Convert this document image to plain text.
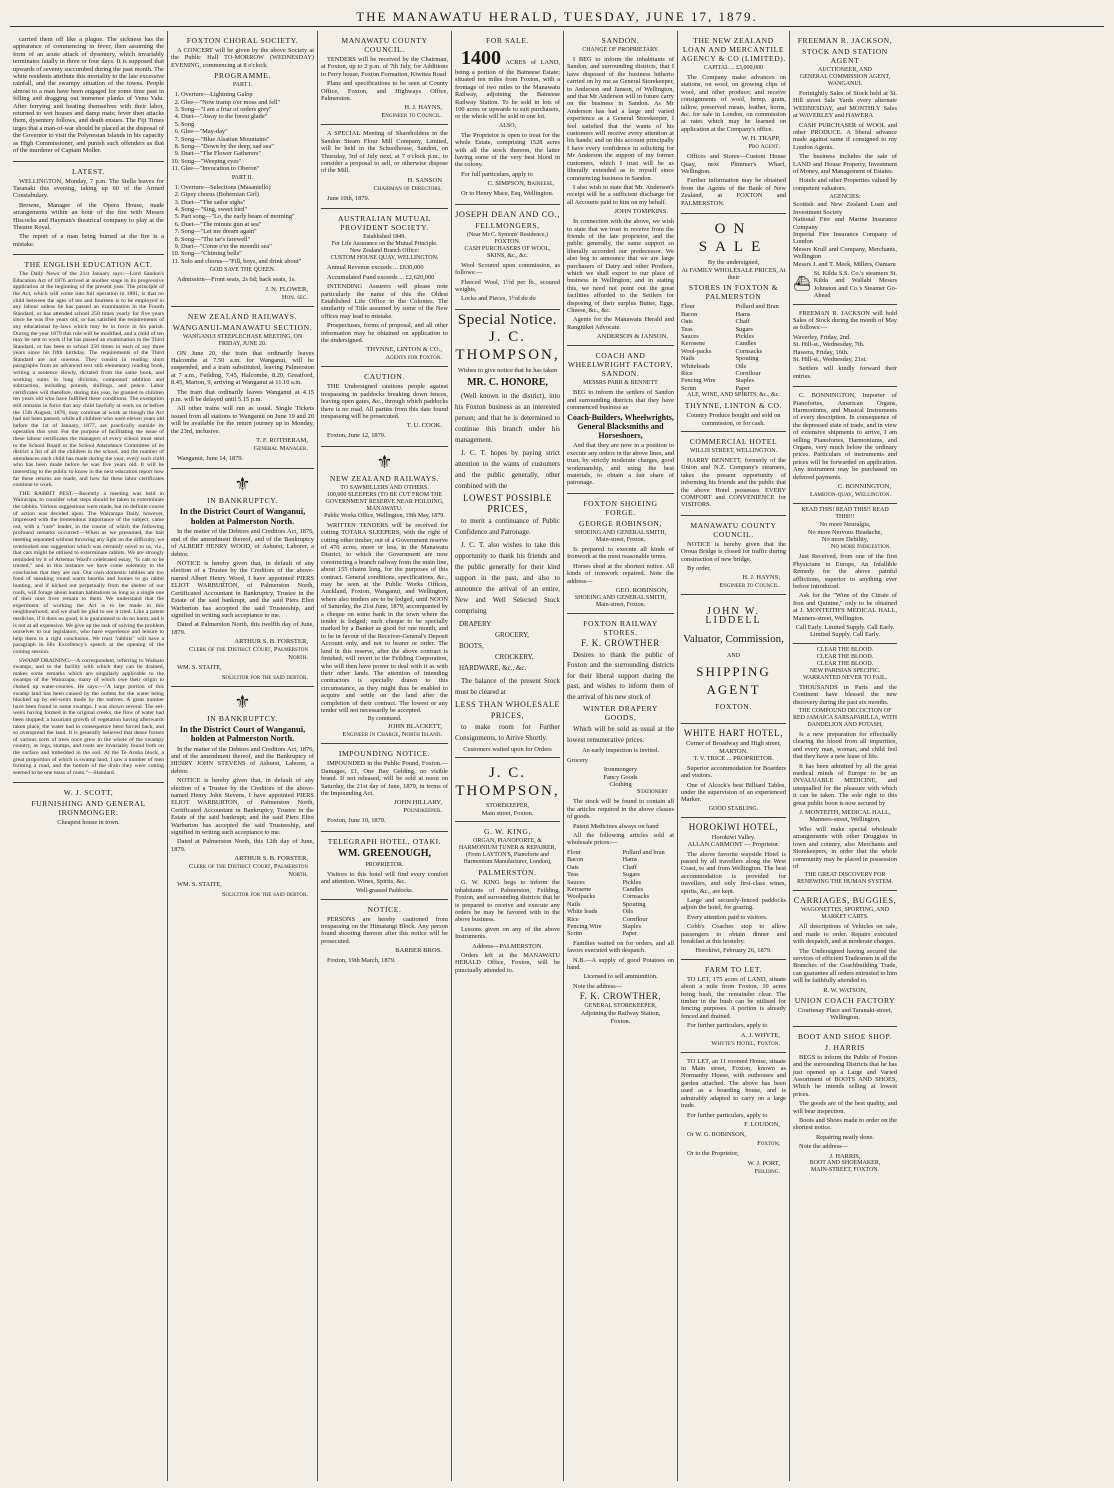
THE MANAWATU HERALD, TUESDAY, JUNE 17, 1879.
carried them off like a plague. The sickness has the appearance of commencing in fever, then assuming the form of an acute attack of dysentery, which invariably terminates fatally in three or four days. It is supposed that upwards of seventy succumbed during the past month. The white residents attribute this mortality to the late excessive rainfall, and the swampy situation of the towns. People almost to a man have been engaged for some time past in felling and dragging out immense planks of Venu Valu. After ferrying and heating themselves with their labor, returned to wet houses and damp mats; fever then attacks them, dysentery follows, and death ensues. The Fiji Times urges that a man-of-war should be placed at the disposal of the Governor to visit the Polynesian Islands in his capacity as High Commissioner, and punish such offenders as that of the murderer of Captain Moller.
LATEST.
WELLINGTON, Monday, 7 p.m. The Stella leaves for Taranaki this evening, taking up 60 of the Armed Constabulary.
Browne, Manager of the Opera House, made arrangements within an hour of the fire with Messrs Hiscocks and Hayman's theatrical company to play at the Theatre Royal.
The report of a man being burned at the fire is a mistake.
THE ENGLISH EDUCATION ACT.
The Daily News of the 21st January says:—Lord Sandon's Education Act of 1876 arrived at another stage in its progressive application at the beginning of the present year. The principle of the Act, which will come into full operation in 1881, is that no child between the ages of ten and fourteen is to be employed in any labour unless he has passed an examination in the Fourth Standard, or has attended school 250 times yearly for five years since he was five years old, or has satisfied the requirements of any educational by-laws which may be in force in his parish. During the year 1879 this rule will be modified, and a child of ten may be sent to work if he has passed an examination in the Third Standard, or has been to school 250 times in each of any three years since his fifth birthday. The requirements of the Third Standard are not onerous. They consist in reading short paragraphs from an advanced text still elementary reading book, writing a sentence slowly, dictated from the same book, and working sums in long division, compound addition and subtraction, including pounds, shillings, and pence. Labor certificates will therefore, during this year, be granted to children ten years old who have fulfilled these conditions. The exemption still remains in force that any child lawfully at work on or before the 15th August, 1876, may continue at work as though the Act had not been passed; while all children who were eleven years old before the 1st of January, 1877, are practically outside its operation this year. For the purpose of facilitating the issue of these labour certificates the managers of every school must send to the School Board or the School Attendance Committee of its district a list of all the children in the school, and the number of attendances each child has made during the year, every such child who has been made before he was five years old. It will be interesting to the public to know in the next education report how far these returns are made, and how far these labor certificates continue to work.
THE RABBIT PEST.—Recently a meeting was held in Wairarapa, to consider what steps should be taken to exterminate the rabbits. Various suggestions were made, but no definite course of action was decided upon. The Wairarapa Daily, however, impressed with the tremendous importance of the subject, came out, with a "rare" leader, in the course of which the following profound remarks occurred:—When as we presumed, the bait meeting separated without throwing any light on the difficulty, we overlooked one suggestion which was certainly novel to us, viz., that cats might be utilised to exterminate rabbits. We are strongly reminded by it of Artemus Ward's celebrated essay, "Is cats to be trusted," and in this instance we have come solemnly to the conclusion that they are not. Our own domestic tabbies are too fond of sneaking round warm hearths and homes to go rabbit hunting, and if kicked out perpetually from the shelter of our roofs, will forage about human habitations as long as a single one of their nine lives remain to them. We understand that the experiment of working the Act is to be made in this neighbourhood, and we shall be glad to see it tried. Like a patent medicine, if it does no good, it is guaranteed to do no harm, and it is not at all expensive. We give up the task of solving the problem ourselves to our legislators, who have experience and leisure to help them to a right conclusion. We trust "rabbits" will have a paragraph in His Excellency's speech at the opening of the coming session.
SWAMP DRAINING.—A correspondent, referring to Waikato swamps, and to the facility with which they can be drained, makes some remarks which are singularly applicable to the swamps of the Wairarapa, many of which owe their origin to choked up water-courses. He says:—"A large portion of this swamp land has been caused by the outlets for the water being blocked up by eel-weirs made by the natives. A great number have been found in some swamps. I was shown several. The eel-weirs having formed in the original creeks, the flow of water had been stopped; a luxuriant growth of vegetation having afterwards taken place, the water had in consequence been forced back, and so overspread the land. It is generally believed that dense forests of various sorts of trees once grew in the whole of the swampy country, as logs, stumps, and roots are invariably found both on the surface and imbedded in the soil. At the Te Aroha block, a great proportion of which is swamp land, I saw a number of men forming a road, and the bottom of the drain they were cutting seemed to be one mass of roots."—Standard.
W. J. SCOTT,
FURNISHING AND GENERAL IRONMONGER.
Cheapest house in town.
FOXTON CHORAL SOCIETY.
A CONCERT will be given by the above Society at the Public Hall TO-MORROW (WEDNESDAY) EVENING, commencing at 8 o'clock.
PROGRAMME.
PART I.
1. Overture—Lightning Galop
2. Glee—"Now tramp o'er moss and fell"
3. Song—"I am a friar of orders grey"
4. Duet—"Away to the forest glade"
5. Song
6. Glee—"May-day"
7. Song—"Blue Alsatian Mountains"
8. Song—"Down by the deep, sad sea"
9. Duet—"The Flower Gatherers"
10. Song—"Weeping eyes"
11. Glee—"Invocation to Oberon"
PART II.
1. Overture—Selections (Masaniello)
2. Gipsy chorus (Bohemian Girl)
3. Duet—"The sailor sighs"
4. Song—"Sing, sweet bird"
5. Part song—"Lo, the early beam of morning"
6. Duet—"The minute gun at sea"
7. Song—"Let me dream again"
8. Song—"The tar's farewell"
9. Duet—"Come o'er the moonlit sea"
10. Song—"Chiming bells"
11. Solo and chorus—"Fill, boys, and drink about"
GOD SAVE THE QUEEN.
Admission—Front seats, 2s 6d; back seats, 1s.
J. N. FLOWER,
Hon. sec.
NEW ZEALAND RAILWAYS.
WANGANUI-MANAWATU SECTION.
WANGANUI STEEPLECHASE MEETING, ON FRIDAY, JUNE 20.
ON June 20, the train that ordinarily leaves Halcombe at 7.50 a.m. for Wanganui, will be suspended, and a train substituted, leaving Palmerston at 7 a.m., Feilding, 7.45, Halcombe, 8.20, Greatford, 8.45, Marton, 9, arriving at Wanganui at 11.10 a.m.
The train that ordinarily leaves Wanganui at 4.15 p.m. will be delayed until 5.15 p.m.
All other trains will run as usual. Single Tickets issued from all stations to Wanganui on June 19 and 20 will be available for the return journey up to Monday, the 23rd, inclusive.
T. F. ROTHERAM,
General Manager.
Wanganui, June 14, 1879.
⚜
IN BANKRUPTCY.
In the District Court of Wanganui, holden at Palmerston North.
In the matter of the Debtors and Creditors Act, 1876, and of the amendment thereof, and of the Bankruptcy of ALBERT HENRY WOOD, of Ashurst, Laborer, a debtor.
NOTICE is hereby given that, in default of any election of a Trustee by the Creditors of the above-named Albert Henry Wood, I have appointed PIERS ELIOT WARBURTON, of Palmerston North, Certificated Accountant in Bankruptcy, Trustee in the Estate of the said bankrupt, and the said Piers Eliot Warburton has accepted the said Trusteeship, and signified in writing such acceptance to me.
Dated at Palmerston North, this twelfth day of June, 1879.
ARTHUR S. B. FORSTER,
Clerk of the District Court, Palmerston North.
WM. S. STAITE,
Solicitor for the said debtor.
⚜
IN BANKRUPTCY.
In the District Court of Wanganui, holden at Palmerston North.
In the matter of the Debtors and Creditors Act, 1876, and of the amendment thereof, and the Bankruptcy of HENRY JOHN STEVENS of Ashurst, Laborer, a debtor.
NOTICE is hereby given that, in default of any election of a Trustee by the Creditors of the above-named Henry John Stevens, I have appointed PIERS ELIOT WARBURTON, of Palmerston North, Certificated Accountant in Bankruptcy, Trustee in the Estate of the said bankrupt; and the said Piers Eliot Warburton has accepted the said Trusteeship, and signified in writing such acceptance to me.
Dated at Palmerston North, this 12th day of June, 1879.
ARTHUR S. B. FORSTER,
Clerk of the District Court, Palmerston North.
WM. S. STAITE,
Solicitor for the said debtor.
MANAWATU COUNTY COUNCIL.
TENDERS will be received by the Chairman, at Foxton, up to 2 p.m. of 7th July, for Additions to Ferry house, Foxton Formation, Kiwitea Road
Plans and specifications to be seen at County Office, Foxton, and Highways Office, Palmerston.
H. J. HAYNS,
Engineer to Council.
A SPECIAL Meeting of Shareholders in the Sandon Steam Flour Mill Company, Limited, will be held in the Schoolhouse, Sandon, on Thursday, 3rd of July next, at 7 o'clock p.m., to consider a proposal to sell, or otherwise dispose of the Mill.
H. SANSON
Chairman of Directors.
June 10th, 1879.
AUSTRALIAN MUTUAL PROVIDENT SOCIETY.
Established 1849.
For Life Assurance on the Mutual Principle.
New Zealand Branch Office:
CUSTOM HOUSE QUAY, WELLINGTON.
Annual Revenue exceeds ... £630,000
Accumulated Fund exceeds ... £2,620,000
INTENDING Assurers will please note particularly the name of this the Oldest Established Life Office in the Colonies. The similarity of Title assumed by some of the New offices may lead to mistake.
Prospectuses, forms of proposal, and all other information may be obtained on application to the undersigned.
THYNNE, LINTON & CO.,
Agents for Foxton.
CAUTION.
THE Undersigned cautions people against trespassing in paddocks breaking down fences, leaving open gates, &c., through which paddocks there is no road. All parties from this date found trespassing will be prosecuted.
T. U. COOK.
Foxton, June 12, 1879.
⚜
NEW ZEALAND RAILWAYS.
TO SAWMILLERS AND OTHERS.
100,000 SLEEPERS (TO BE CUT FROM THE GOVERNMENT RESERVE NEAR FEILDING, MANAWATU.
Public Works Office, Wellington, 19th May, 1879.
WRITTEN TENDERS will be received for cutting TOTARA SLEEPERS, with the right of cutting other timber, out of a Government reserve of 470 acres, more or less, in the Manawatu District, to which the Government are now constructing a branch railway from the main line, about 155 chains long, for the purposes of this contract. General conditions, specifications, &c., may be seen at the Public Works Offices, Auckland, Foxton, Wanganui, and Wellington, where also tenders are to be lodged, until NOON of Saturday, the 21st June, 1879, accompanied by a cheque on some bank in the town where the tender is lodged; such cheque to be specially marked by a Banker as good for one month, and to be in favour of the Receiver-General's Deposit Account only, and not to bearer or order. The land in this reserve, after the above contract is finished, will revert to the Feilding Corporation, who will then have power to deal with it as with their other lands. The attention of intending contractors is specially drawn to this circumstance, as they might thus be enabled to acquire and settle on the land after the completion of their contract. The lowest or any tender will not necessarily be accepted.
By command.
JOHN BLACKETT,
Engineer in Charge, North Island.
IMPOUNDING NOTICE.
IMPOUNDED in the Public Pound, Foxton.—Damages, £1, One Bay Gelding, no visible brand. If not released, will be sold at noon on Saturday, the 21st day of June, 1879, in terms of the Impounding Act.
JOHN HILLARY,
Poundkeeper.
Foxton, June 10, 1879.
TELEGRAPH HOTEL, OTAKI.
WM. GREENOUGH,
PROPRIETOR.
Visitors to this hotel will find every comfort and attention. Wines, Spirits, &c.
Well-grassed Paddocks.
NOTICE.
PERSONS are hereby cautioned from trespassing on the Himatangi Block. Any person found shooting thereon after this notice will be prosecuted.
BARBER BROS.
Foxton, 19th March, 1879.
FOR SALE.
1400 ACRES of LAND, being a portion of the Baineese Estate; situated ten miles from Foxton, with a frontage of two miles to the Manawatu Railway, adjoining the Baineese Railway Station. To be sold in lots of 100 acres or upwards to suit purchasers, or the whole will be sold in one lot.
ALSO,
The Proprietor is open to treat for the whole Estate, comprising 1528 acres with all the stock thereon, the latter having some of the very best blood in the colony.
For full particulars, apply to
C. SIMPSON, Baineese,
Or to Henry Mace, Esq, Wellington.
JOSEPH DEAN AND CO.,
FELLMONGERS,
(Near Mr C. Symons' Residence,)
FOXTON.
CASH PURCHASERS OF WOOL, SKINS, &c., &c.
Wool Scoured upon commission, as follows:—
Fleeced Wool, 1½d per lb., scoured weights,
Locks and Pieces, 1½d do do
Special Notice.
J. C. THOMPSON,
Wishes to give notice that he has taken
MR. C. HONORE,
(Well known in the district), into his Foxton business as an interested person; and that he is determined to continue this branch under his management.
J. C. T. hopes by paying strict attention to the wants of customers and the public generally, other combined with the
LOWEST POSSIBLE
PRICES,
to merit a continuance of Public Confidence and Patronage.
J. C. T. also wishes to take this opportunity to thank his friends and the public generally for their kind support in the past, and also to announce the arrival of an entire, New and Well Selected Stock comprising
DRAPERY
GROCERY,
BOOTS,
CROCKERY,
HARDWARE, &c., &c.
The balance of the present Stock must be cleared at
LESS THAN WHOLESALE
PRICES,
to make room for Further Consignments, to Arrive Shortly.
Customers waited upon for Orders
J. C. THOMPSON,
STOREKEEPER,
Main street, Foxton.
G. W. KING,
ORGAN, PIANOFORTE, & HARMONIUM TUNER & REPAIRER,
(From LAYTON'S, Pianoforte and Harmonium Manufacturer, London),
PALMERSTON.
G. W. KING begs to inform the inhabitants of Palmerston, Feilding, Foxton, and surrounding districts that he is prepared to receive and execute any orders he may be favored with in the above business.
Lessons given on any of the above Instruments.
Address—PALMERSTON.
Orders left at the MANAWATU HERALD Office, Foxton, will be punctually attended to.
SANDON.
CHANGE OF PROPRIETARY.
I BEG to inform the inhabitants of Sandon, and surrounding districts, that I have disposed of the business hitherto carried on by me as General Storekeeper, to Anderson and Janson, of Wellington, and that Mr Anderson will in future carry on the business in Sandon. As Mr Anderson has had a large and varied experience as a General Storekeeper, I feel satisfied that the wants of his customers will receive every attention at his hands; and on this account principally I have every confidence in soliciting for Mr Anderson the support of my former customers, which I trust will be as liberally extended as to myself since commencing business in Sandon.
I also wish to state that Mr. Anderson's receipt will be a sufficient discharge for all Accounts paid to him on my behalf.
JOHN TOMPKINS.
In connection with the above, we wish to state that we trust to receive from the friends of the late proprietor, and the public generally, the same support so liberally accorded our predecessor. We also beg to announce that we are large purchasers of Dairy and other Produce, which we shall export to our place of business in Wellington; and in stating this, we need not point out the great facilities afforded to the Settlers for disposing of their surplus Butter, Eggs, Cheese, &c., &c.
Agents for the Manawatu Herald and Rangitikei Advocate.
ANDERSON & JANSON.
COACH AND WHEELWRIGHT FACTORY, SANDON.
MESSRS PARR & BENNETT
BEG to inform the settlers of Sandon and surrounding districts that they have commenced business as
Coach-Builders, Wheelwrights, General Blacksmiths and Horseshoers,
And that they are now in a position to execute any orders in the above lines, and trust, by strictly moderate charges, good workmanship, and using the best materials, to obtain a fair share of patronage.
FOXTON SHOEING FORGE.
GEORGE ROBINSON,
SHOEING AND GENERAL SMITH,
Main-street, Foxton.
Is prepared to execute all kinds of Ironwork at the most reasonable terms.
Horses shod at the shortest notice. All kinds of ironwork repaired. Note the address—
GEO. ROBINSON,
SHOEING AND GENERAL SMITH, Main-street, Foxton.
FOXTON RAILWAY STORES.
F. K. CROWTHER
Desires to thank the public of Foxton and the surrounding districts for their liberal support during the past, and wishes to inform them of the arrival of his new stock of
WINTER DRAPERY GOODS,
Which will be sold as usual at the lowest remunerative prices.
An early inspection is invited.
Grocery
Ironmongery
Fancy Goods
Clothing
Stationery
The stock will be found to contain all the articles required in the above classes of goods.
Patent Medicines always on hand
All the following articles sold at wholesale prices:—
Flour	Pollard and bran
Bacon	Hams
Oats	Chaff
Teas	Sugars
Sauces	Pickles
Kerosene	Candles
Woolpacks	Cornsacks
Nails	Spouting
White leads	Oils
Rice	Cornflour
Fencing Wire	Staples
Scrim	Paper
Families waited on for orders, and all favors executed with despatch.
N.B.—A supply of good Potatoes on hand.
Licensed to sell ammunition.
Note the address—
F. K. CROWTHER,
GENERAL STOREKEEPER,
Adjoining the Railway Station,
Foxton.
THE NEW ZEALAND LOAN AND MERCANTILE AGENCY & CO (LIMITED).
CAPITAL ... £3,000,000
The Company make advances on stations, on wool, on growing clips of wool, and other produce; and receive consignments of wool, hemp, grain, tallow, preserved meats, leather, horns, &c. for sale in London, on commission at rates which may be learned on application at the Company's office.
W. H. TRAPP,
Pro Agent.
Offices and Stores—Custom House Quay, next Plimmer's Wharf, Wellington.
Further information may be obtained from the Agents of the Bank of New Zealand, at FOXTON and PALMERSTON.
ON SALE
By the undersigned,
At FAMILY WHOLESALE PRICES, At their
STORES IN FOXTON & PALMERSTON
Flour	Pollard and Bran
Bacon	Hams
Oats	Chaff
Teas	Sugars
Sauces	Pickles
Kerosene	Candles
Wool-packs	Cornsacks
Nails	Spouting
Whiteleads	Oils
Rice	Cornflour
Fencing Wire	Staples
Scrim	Paper
ALE, WINE, AND SPIRITS, &c., &c.
THYNNE, LINTON & CO.
Country Produce bought and sold on commission, or for cash.
COMMERCIAL HOTEL
WILLIS STREET, WELLINGTON.
HARRY BENNETT, formerly of the Union and N.Z. Company's steamers, takes the present opportunity of informing his friends and the public that the above Hotel possesses EVERY COMFORT and CONVENIENCE for VISITORS.
MANAWATU COUNTY COUNCIL.
NOTICE is hereby given that the Oroua Bridge is closed for traffic during construction of new bridge.
By order,
H. J. HAYNS,
Engineer to Council.
JOHN W. LIDDELL
Valuator, Commission,
AND
SHIPPING AGENT
FOXTON.
WHITE HART HOTEL,
Corner of Broadway and High street, MARTON.
T. V. TRICE ... PROPRIETOR.
Superior accommodation for Boarders and visitors.
One of Alcock's best Billiard Tables, under the supervision of an experienced Marker.
GOOD STABLING.
HOROKIWI HOTEL,
Horokiwi Valley.
ALLAN CARMONT — Proprietor.
The above favorite wayside Hotel is passed by all travellers along the West Coast, to and from Wellington. The best accommodation is provided for travellers, and only first-class wines, spirits, &c., are kept.
Large and securely-fenced paddocks adjoin the hotel, for grazing.
Every attention paid to visitors.
Cobb's Coaches stop to allow passengers to obtain dinner and breakfast at this hostelry.
Horokiwi, February 26, 1879.
FARM TO LET.
TO LET, 175 acres of LAND, situate about a mile from Foxton, 10 acres being bush, the remainder clear. The timber in the bush can be utilised for fencing purposes. A portion is already fenced and drained.
For further particulars, apply to
A. J. WHYTE,
Whyte's Hotel, Foxton.
TO LET, an 11 roomed House, situate in Main street, Foxton, known as Normanby House, with outhouses and garden attached. The above has been used as a boarding house, and is admirably adapted to carry on a large trade.
For further particulars, apply to
F. LOUDON,
Or W. G. ROBINSON,
Foxton;
Or to the Proprietor,
W. J. PORT,
Feilding.
FREEMAN R. JACKSON,
STOCK AND STATION AGENT
AUCTIONEER, AND
GENERAL COMMISSION AGENT,
WANGANUI.
Fortnightly Sales of Stock held at St. Hill street Sale Yards every alternate WEDNESDAY, and MONTHLY Sales at WAVERLEY and HAWERA
CASH PURCHASER of WOOL and other PRODUCE. A liberal advance made against same if consigned to my London Agents.
The business includes the sale of LAND and House Property, Investment of Money, and Management of Estates.
Hotels and other Properties valued by competent valuators.
AGENCIES:
Scottish and New Zealand Loan and Investment Society
National Fire and Marine Insurance Company
Imperial Fire Insurance Company of London
Messrs Krull and Company, Merchants, Wellington
Messrs J. and T. Meek, Millers, Oamaru
⛴
St. Kilda S.S. Co.'s steamers St. Kilda and Wallabi Messrs Johnston and Co.'s Steamer Go-Ahead
FREEMAN R. JACKSON will hold Sales of Stock during the month of May as follows:—
Waverley, Friday, 2nd.
St. Hill-st., Wednesday, 7th.
Hawera, Friday, 16th.
St. Hill-st., Wednesday, 21st.
Settlers will kindly forward their entries.
C. BONNINGTON, Importer of Pianofortes, American Organs, Harmoniums, and Musical Instruments of every description. In consequence of the depressed state of trade, and in view of extensive shipments to arrive, I am selling Pianofortes, Harmoniums, and Organs, very much below the ordinary prices. Particulars of instruments and prices will be forwarded on application. Any instrument may be purchased on deferred payments.
C. BONNINGTON,
Lambton-quay, Wellington.
READ THIS! READ THIS!! READ THIS!!!
No more Neuralgia,
No more Nervous Headache,
No more Debility,
No more Indigestion.
Just Received, from one of the first Physicians in Europe, An Infallible Remedy for the above painful afflictions, superior to anything ever before introduced.
Ask for the "Wine of the Citrate of Iron and Quinine," only to be obtained at J. MONTEITH'S MEDICAL HALL, Manners-street, Wellington.
Call Early. Limited Supply. Call Early. Limited Supply. Call Early.
CLEAR THE BLOOD.
CLEAR THE BLOOD.
CLEAR THE BLOOD.
NEW PARISIAN SPECIFIC.
WARRANTED NEVER TO FAIL.
THOUSANDS in Paris and the Continent have blessed the new discovery during the past six months.
THE COMPOUND DECOCTION OF RED JAMAICA SARSAPARILLA, WITH DANDELION AND POTASH,
Is a new preparation for effectually clearing the blood from all impurities, and every man, woman, and child feel that they have a new lease of life.
It has been admitted by all the great medical minds of Europe to be an INVALUABLE MEDICINE, and unequalled for the pleasure with which it can be taken. The sole right to this great public boon is now secured by
J. MONTEITH, MEDICAL HALL,
Manners-street, Wellington,
Who will make special wholesale arrangements with other Druggists in town and country, also Merchants and Storekeepers, in order that the whole community may be placed in possession of
THE GREAT DISCOVERY FOR RENEWING THE HUMAN SYSTEM.
CARRIAGES, BUGGIES,
WAGONETTES, SPORTING, AND MARKET CARTS.
All descriptions of Vehicles on sale, and made to order. Repairs executed with despatch, and at moderate charges.
The Undersigned having secured the services of efficient Tradesmen in all the Branches of the Coachbuilding Trade, can guarantee all orders entrusted to him will be faithfully attended to.
R. W. WATSON,
UNION COACH FACTORY
Courtenay Place and Taranaki-street, Wellington.
BOOT AND SHOE SHOP.
J. HARRIS
BEGS to inform the Public of Foxton and the surrounding Districts that he has just opened up a Large and Varied Assortment of BOOTS AND SHOES, Which he intends selling at lowest prices.
The goods are of the best quality, and will bear inspection.
Boots and Shoes made to order on the shortest notice.
Repairing neatly done.
Note the address—
J. HARRIS,
BOOT AND SHOEMAKER,
MAIN-STREET, FOXTON.
